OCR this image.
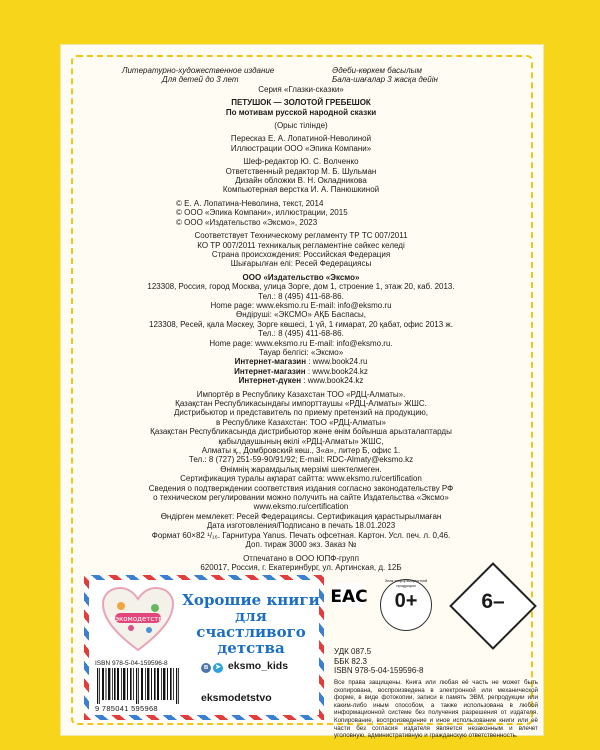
Литературно-художественное издание
Для детей до 3 лет
Әдеби-көркем басылым
Бала-шағалар 3 жасқа дейін
Серия «Глазки-сказки»
ПЕТУШОК — ЗОЛОТОЙ ГРЕБЕШОК
По мотивам русской народной сказки
(Орыс тілінде)
Пересказ Е. А. Лопатиной-Неволиной
Иллюстрации ООО «Эпика Компани»
Шеф-редактор Ю. С. Волченко
Ответственный редактор М. Б. Шульман
Дизайн обложки В. Н. Окладникова
Компьютерная верстка И. А. Панюшкиной
© Е. А. Лопатина-Неволина, текст, 2014
© ООО «Эпика Компани», иллюстрации, 2015
© ООО «Издательство «Эксмо», 2023
Соответствует Техническому регламенту ТР ТС 007/2011
КО ТР 007/2011 техникалық регламентіне сәйкес келеді
Страна происхождения: Российская Федерация
Шығарылған елі: Ресей Федерациясы
ООО «Издательство «Эксмо»
123308, Россия, город Москва, улица Зорге, дом 1, строение 1, этаж 20, каб. 2013.
Тел.: 8 (495) 411-68-86.
Home page: www.eksmo.ru E-mail: info@eksmo.ru
Өндіруші: «ЭКСМО» АҚБ Баспасы,
123308, Ресей, қала Мәскеу, Зорге көшесі, 1 үй, 1 ғимарат, 20 қабат, офис 2013 ж.
Тел.: 8 (495) 411-68-86.
Home page: www.eksmo.ru E-mail: info@eksmo.ru.
Тауар белгісі: «Эксмо»
Интернет-магазин : www.book24.ru
Интернет-магазин : www.book24.kz
Интернет-дүкен : www.book24.kz
Импортёр в Республику Казахстан ТОО «РДЦ-Алматы».
Қазақстан Республикасындағы импорттаушы «РДЦ-Алматы» ЖШС.
Дистрибьютор и представитель по приему претензий на продукцию,
в Республике Казахстан: ТОО «РДЦ-Алматы»
Қазақстан Республикасында дистрибьютор және өнім бойынша арызталаптарды
қабылдаушының өкілі «РДЦ-Алматы» ЖШС,
Алматы қ., Домбровский көш., 3«а», литер Б, офис 1.
Тел.: 8 (727) 251-59-90/91/92; E-mail: RDC-Almaty@eksmo.kz
Өнімнің жарамдылық мерзімі шектелмеген.
Сертификация туралы ақпарат сайтта: www.eksmo.ru/certification
Сведения о подтверждении соответствия издания согласно законодательству РФ
о техническом регулировании можно получить на сайте Издательства «Эксмо»
www.eksmo.ru/certification
Өндірген мемлекет: Ресей Федерациясы. Сертификация қарастырылмаған
Дата изготовления/Подписано в печать 18.01.2023
Формат 60×82 ¹/₁₆. Гарнитура Yanus. Печать офсетная. Картон. Усл. печ. л. 0,46.
Доп. тираж 3000 экз. Заказ №
Отпечатано в ООО ЮПФ-групп
620017, Россия, г. Екатеринбург, ул. Артинская, д. 12Б
#экомодетство
Хорошие книги для счастливого детства
ISBN 978-5-04-159596-8
9 785041 595968
в ➤ eksmo_kids
eksmodetstvo
EAC
Знак информационной продукции
0+	6–
УДК 087.5
ББК 82.3
ISBN 978-5-04-159596-8
Все права защищены. Книга или любая её часть не может быть скопирована, воспроизведена в электронной или механической форме, в виде фотокопии, записи в память ЭВМ, репродукции или каким-либо иным способом, а также использована в любой информационной системе без получения разрешения от издателя. Копирование, воспроизведение и иное использование книги или её части без согласия издателя является незаконным и влечет уголовную, административную и гражданскую ответственность.
